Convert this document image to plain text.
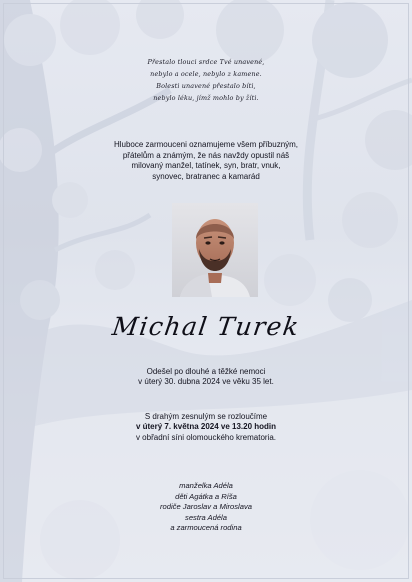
Přestalo tlouci srdce Tvé unavené,
nebylo a ocele, nebylo z kamene.
Bolesti unavené přestalo bíti,
nebylo léku, jímž mohlo by žíti.
Hluboce zarmouceni oznamujeme všem příbuzným,
přátelům a známým, že nás navždy opustil náš
milovaný manžel, tatínek, syn, bratr, vnuk,
synovec, bratranec a kamarád
Michal Turek
Odešel po dlouhé a těžké nemoci
v úterý 30. dubna 2024 ve věku 35 let.
S drahým zesnulým se rozloučíme
v úterý 7. května 2024 ve 13.20 hodin
v obřadní síni olomouckého krematoria.
manželka Adéla
děti Agátka a Ríša
rodiče Jaroslav a Miroslava
sestra Adéla
a zarmoucená rodina
